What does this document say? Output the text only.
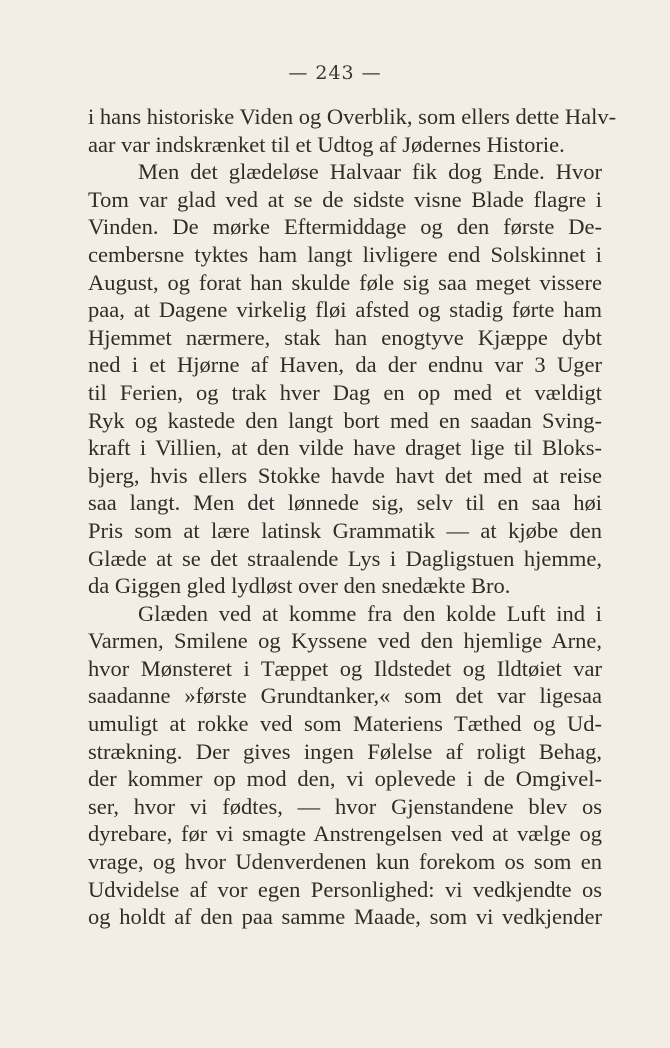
— 243 —
i hans historiske Viden og Overblik, som ellers dette Halv-
aar var indskrænket til et Udtog af Jødernes Historie.
Men det glædeløse Halvaar fik dog Ende. Hvor
Tom var glad ved at se de sidste visne Blade flagre i
Vinden. De mørke Eftermiddage og den første De-
cembersne tyktes ham langt livligere end Solskinnet i
August, og forat han skulde føle sig saa meget vissere
paa, at Dagene virkelig fløi afsted og stadig førte ham
Hjemmet nærmere, stak han enogtyve Kjæppe dybt
ned i et Hjørne af Haven, da der endnu var 3 Uger
til Ferien, og trak hver Dag en op med et vældigt
Ryk og kastede den langt bort med en saadan Sving-
kraft i Villien, at den vilde have draget lige til Bloks-
bjerg, hvis ellers Stokke havde havt det med at reise
saa langt. Men det lønnede sig, selv til en saa høi
Pris som at lære latinsk Grammatik — at kjøbe den
Glæde at se det straalende Lys i Dagligstuen hjemme,
da Giggen gled lydløst over den snedækte Bro.
Glæden ved at komme fra den kolde Luft ind i
Varmen, Smilene og Kyssene ved den hjemlige Arne,
hvor Mønsteret i Tæppet og Ildstedet og Ildtøiet var
saadanne »første Grundtanker,« som det var ligesaa
umuligt at rokke ved som Materiens Tæthed og Ud-
strækning. Der gives ingen Følelse af roligt Behag,
der kommer op mod den, vi oplevede i de Omgivel-
ser, hvor vi fødtes, — hvor Gjenstandene blev os
dyrebare, før vi smagte Anstrengelsen ved at vælge og
vrage, og hvor Udenverdenen kun forekom os som en
Udvidelse af vor egen Personlighed: vi vedkjendte os
og holdt af den paa samme Maade, som vi vedkjender
